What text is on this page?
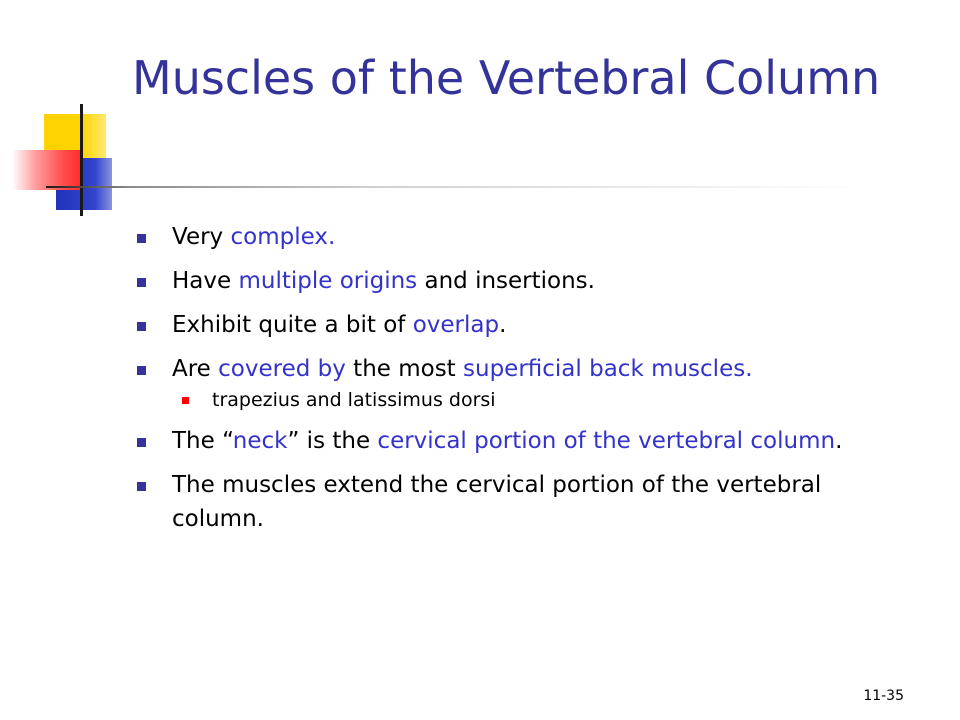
Muscles of the Vertebral Column
Very complex.
Have multiple origins and insertions.
Exhibit quite a bit of overlap.
Are covered by the most superficial back muscles.
trapezius and latissimus dorsi
The “neck” is the cervical portion of the vertebral column.
The muscles extend the cervical portion of the vertebral column.
11-35
